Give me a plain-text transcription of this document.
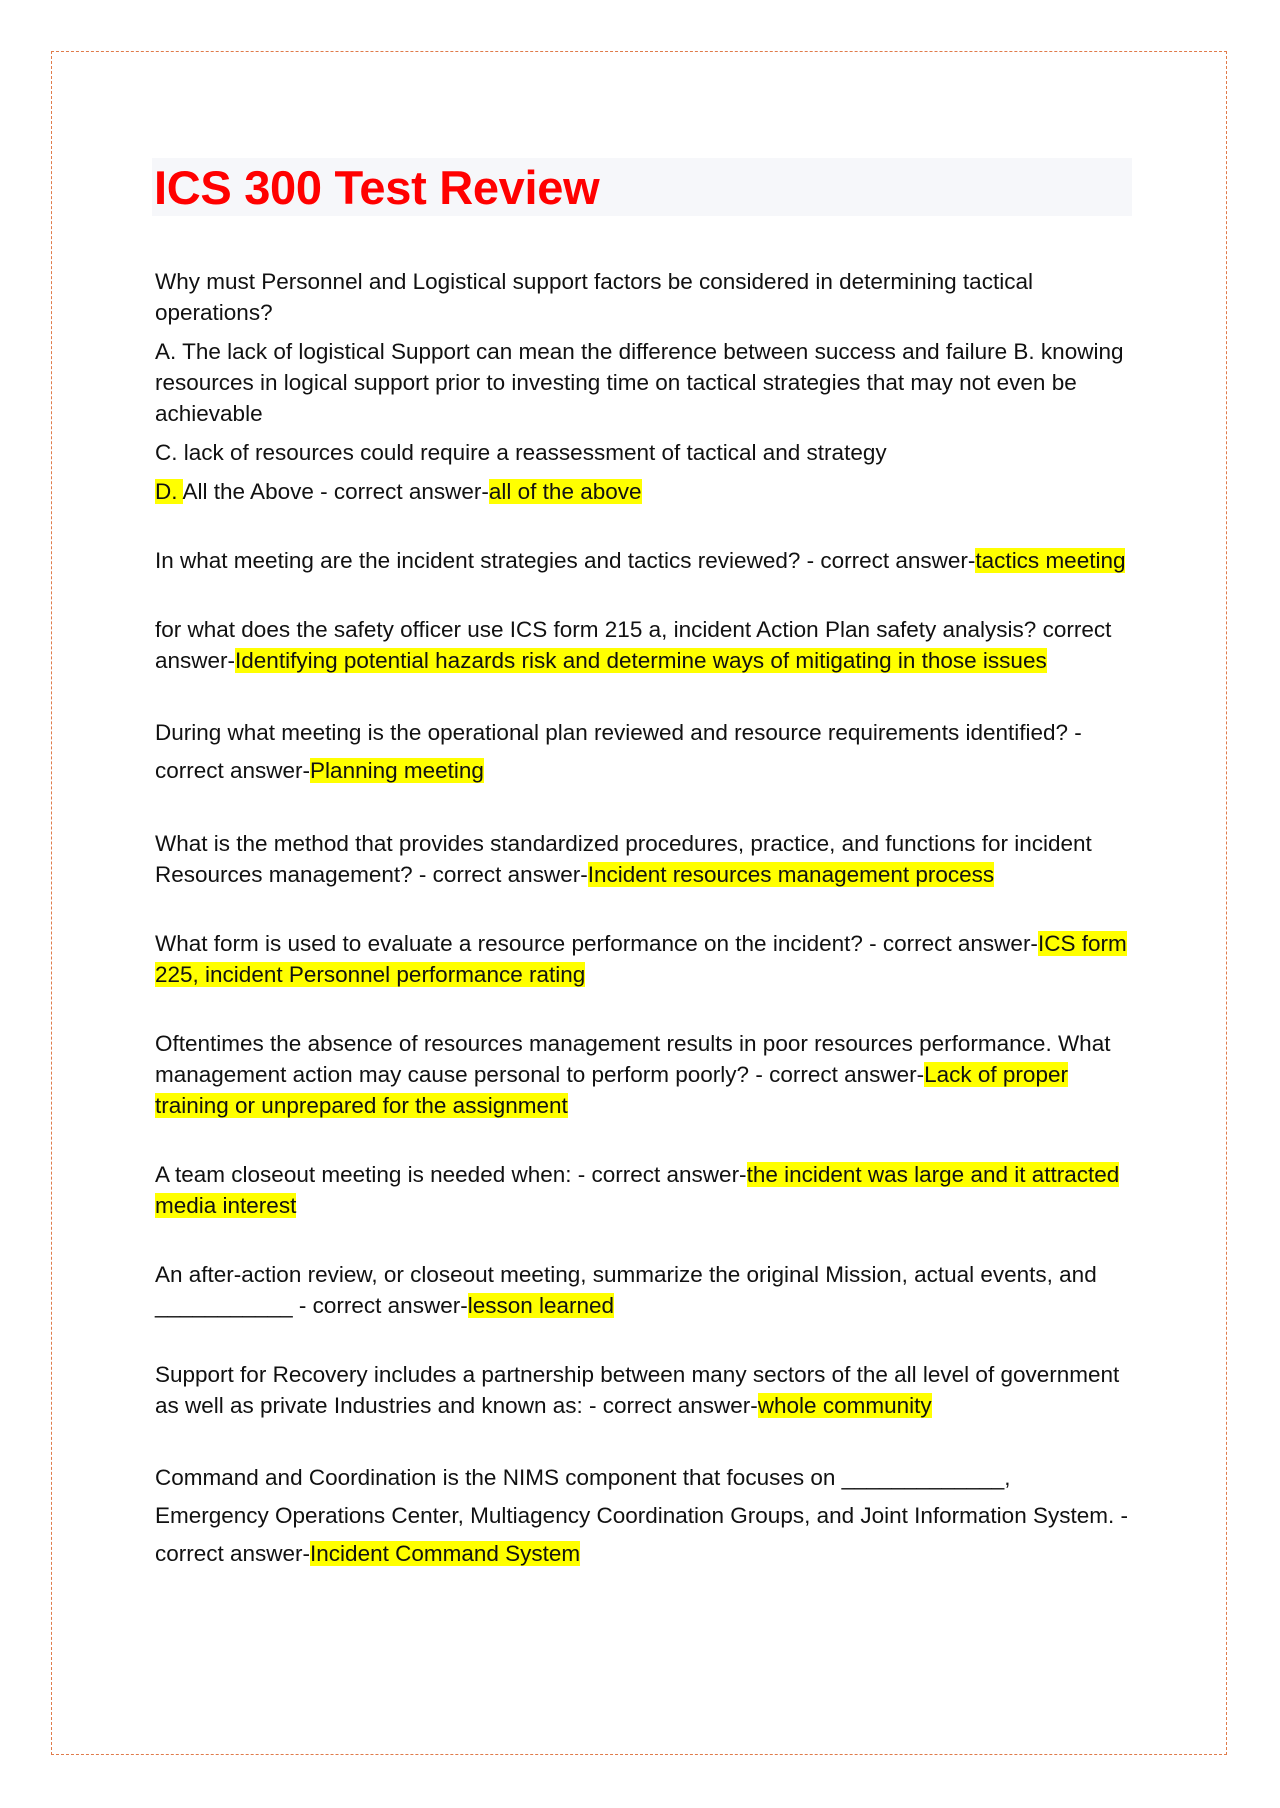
ICS 300 Test Review

Why must Personnel and Logistical support factors be considered in determining tactical operations?

A. The lack of logistical Support can mean the difference between success and failure B. knowing resources in logical support prior to investing time on tactical strategies that may not even be achievable

C. lack of resources could require a reassessment of tactical and strategy

D. All the Above - correct answer-all of the above

In what meeting are the incident strategies and tactics reviewed? - correct answer-tactics meeting

for what does the safety officer use ICS form 215 a, incident Action Plan safety analysis? correct answer-Identifying potential hazards risk and determine ways of mitigating in those issues

During what meeting is the operational plan reviewed and resource requirements identified? - correct answer-Planning meeting

What is the method that provides standardized procedures, practice, and functions for incident Resources management? - correct answer-Incident resources management process

What form is used to evaluate a resource performance on the incident? - correct answer-ICS form 225, incident Personnel performance rating

Oftentimes the absence of resources management results in poor resources performance. What management action may cause personal to perform poorly? - correct answer-Lack of proper training or unprepared for the assignment

A team closeout meeting is needed when: - correct answer-the incident was large and it attracted media interest

An after-action review, or closeout meeting, summarize the original Mission, actual events, and ___________ - correct answer-lesson learned

Support for Recovery includes a partnership between many sectors of the all level of government as well as private Industries and known as: - correct answer-whole community

Command and Coordination is the NIMS component that focuses on _____________, Emergency Operations Center, Multiagency Coordination Groups, and Joint Information System. - correct answer-Incident Command System
